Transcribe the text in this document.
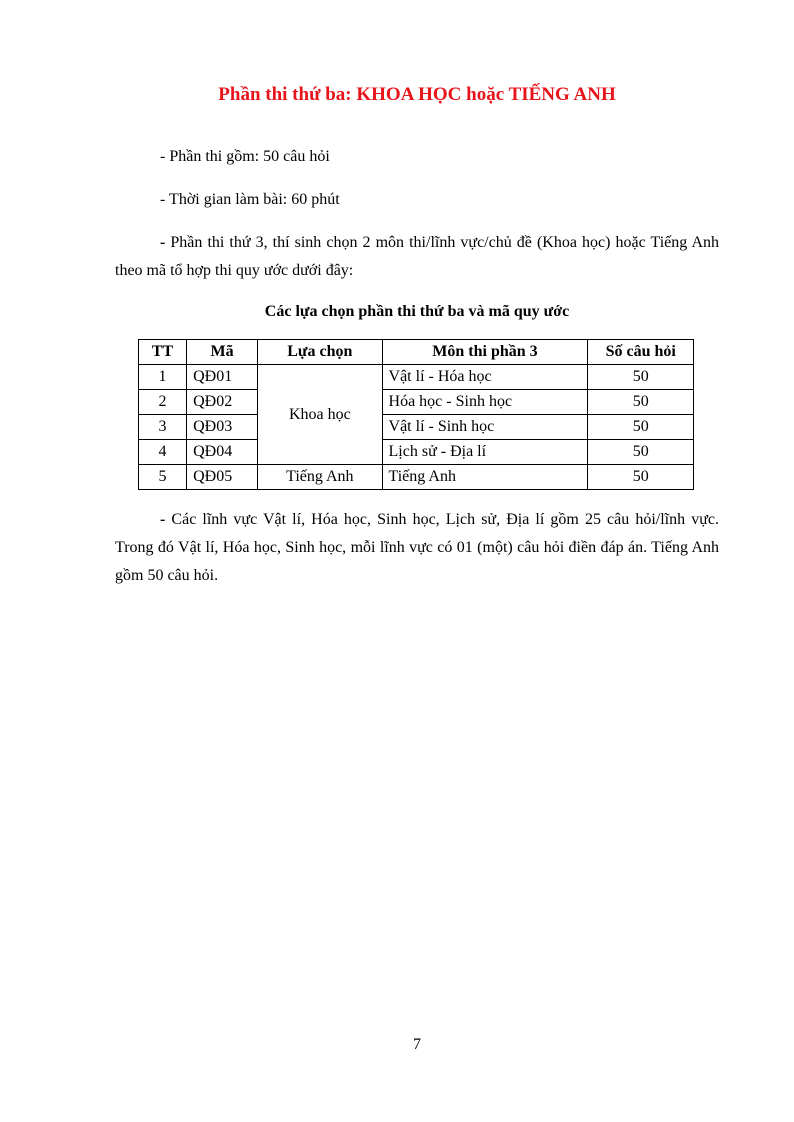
Phần thi thứ ba: KHOA HỌC hoặc TIẾNG ANH

- Phần thi gồm: 50 câu hỏi

- Thời gian làm bài: 60 phút

- Phần thi thứ 3, thí sinh chọn 2 môn thi/lĩnh vực/chủ đề (Khoa học) hoặc Tiếng Anh theo mã tổ hợp thi quy ước dưới đây:

Các lựa chọn phần thi thứ ba và mã quy ước

TT	Mã	Lựa chọn	Môn thi phần 3	Số câu hỏi
1	QĐ01	Khoa học	Vật lí - Hóa học	50
2	QĐ02		Hóa học - Sinh học	50
3	QĐ03		Vật lí - Sinh học	50
4	QĐ04		Lịch sử - Địa lí	50
5	QĐ05	Tiếng Anh	Tiếng Anh	50

- Các lĩnh vực Vật lí, Hóa học, Sinh học, Lịch sử, Địa lí gồm 25 câu hỏi/lĩnh vực. Trong đó Vật lí, Hóa học, Sinh học, mỗi lĩnh vực có 01 (một) câu hỏi điền đáp án. Tiếng Anh gồm 50 câu hỏi.

7
